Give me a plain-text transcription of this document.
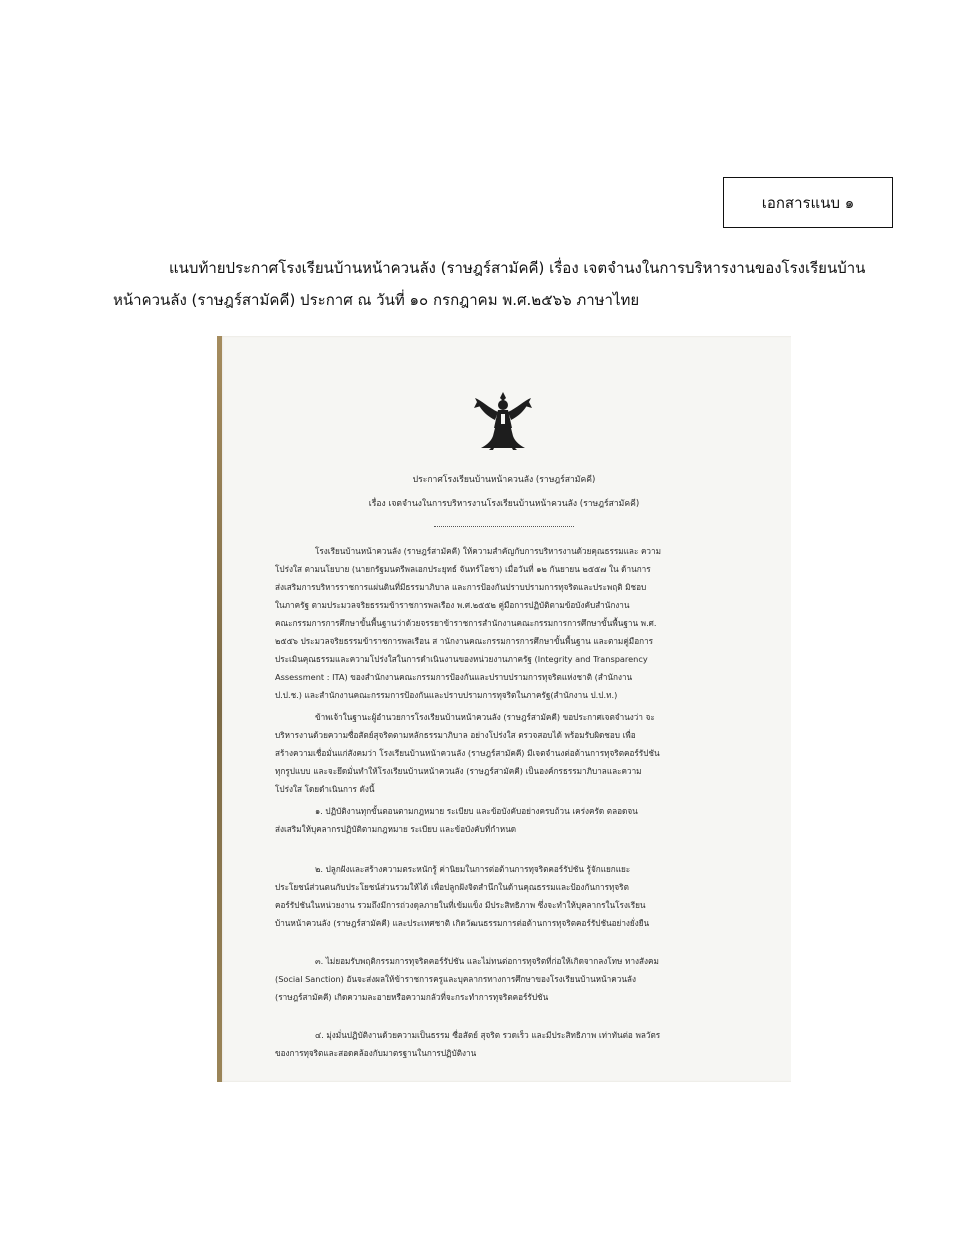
เอกสารแนบ ๑

แนบท้ายประกาศโรงเรียนบ้านหน้าควนลัง (ราษฎร์สามัคคี) เรื่อง เจตจำนงในการบริหารงานของโรงเรียนบ้าน

หน้าควนลัง (ราษฎร์สามัคคี) ประกาศ ณ วันที่ ๑๐ กรกฎาคม พ.ศ.๒๕๖๖ ภาษาไทย

ประกาศโรงเรียนบ้านหน้าควนลัง (ราษฎร์สามัคคี)
เรื่อง เจตจำนงในการบริหารงานโรงเรียนบ้านหน้าควนลัง (ราษฎร์สามัคคี)
โรงเรียนบ้านหน้าควนลัง (ราษฎร์สามัคคี) ให้ความสำคัญกับการบริหารงานด้วยคุณธรรมและ ความ
โปร่งใส ตามนโยบาย (นายกรัฐมนตรีพลเอกประยุทธ์ จันทร์โอชา) เมื่อวันที่ ๑๒ กันยายน ๒๕๕๗ ใน ด้านการ
ส่งเสริมการบริหารราชการแผ่นดินที่มีธรรมาภิบาล และการป้องกันปราบปรามการทุจริตและประพฤติ มิชอบ
ในภาครัฐ ตามประมวลจริยธรรมข้าราชการพลเรือง พ.ศ.๒๕๕๒ คู่มือการปฏิบัติตามข้อบังคับสำนักงาน
คณะกรรมการการศึกษาขั้นพื้นฐานว่าด้วยจรรยาข้าราชการสำนักงานคณะกรรมการการศึกษาขั้นพื้นฐาน พ.ศ.
๒๕๕๖ ประมวลจริยธรรมข้าราชการพลเรือน ส านักงานคณะกรรมการการศึกษาขั้นพื้นฐาน และตามคู่มือการ
ประเมินคุณธรรมและความโปร่งใสในการดำเนินงานของหน่วยงานภาครัฐ (Integrity and Transparency
Assessment : ITA) ของสำนักงานคณะกรรมการป้องกันและปราบปรามการทุจริตแห่งชาติ (สำนักงาน
ป.ป.ช.) และสำนักงานคณะกรรมการป้องกันและปราบปรามการทุจริตในภาครัฐ(สำนักงาน ป.ป.ท.)
ข้าพเจ้าในฐานะผู้อำนวยการโรงเรียนบ้านหน้าควนลัง (ราษฎร์สามัคคี) ขอประกาศเจตจำนงว่า จะ
บริหารงานด้วยความซื่อสัตย์สุจริตตามหลักธรรมาภิบาล อย่างโปร่งใส ตรวจสอบได้ พร้อมรับผิดชอบ เพื่อ
สร้างความเชื่อมั่นแก่สังคมว่า โรงเรียนบ้านหน้าควนลัง (ราษฎร์สามัคคี) มีเจตจำนงต่อต้านการทุจริตคอร์รัปชัน
ทุกรูปแบบ และจะยึดมั่นทำให้โรงเรียนบ้านหน้าควนลัง (ราษฎร์สามัคคี) เป็นองค์กรธรรมาภิบาลและความ
โปร่งใส โดยดำเนินการ ดังนี้
๑. ปฏิบัติงานทุกขั้นตอนตามกฎหมาย ระเบียบ และข้อบังคับอย่างครบถ้วน เคร่งครัด ตลอดจน
ส่งเสริมให้บุคลากรปฏิบัติตามกฎหมาย ระเบียบ และข้อบังคับที่กำหนด
๒. ปลูกฝังและสร้างความตระหนักรู้ ค่านิยมในการต่อต้านการทุจริตคอร์รัปชัน รู้จักแยกแยะ
ประโยชน์ส่วนตนกับประโยชน์ส่วนรวมให้ได้ เพื่อปลูกฝังจิตสำนึกในด้านคุณธรรมและป้องกันการทุจริต
คอร์รัปชันในหน่วยงาน รวมถึงมีการถ่วงดุลภายในที่เข้มแข็ง มีประสิทธิภาพ ซึ่งจะทำให้บุคลากรในโรงเรียน
บ้านหน้าควนลัง (ราษฎร์สามัคคี) และประเทศชาติ เกิดวัฒนธรรมการต่อต้านการทุจริตคอร์รัปชันอย่างยั่งยืน
๓. ไม่ยอมรับพฤติกรรมการทุจริตคอร์รัปชัน และไม่ทนต่อการทุจริตที่ก่อให้เกิดจากลงโทษ ทางสังคม
(Social Sanction) อันจะส่งผลให้ข้าราชการครูและบุคลากรทางการศึกษาของโรงเรียนบ้านหน้าควนลัง
(ราษฎร์สามัคคี) เกิดความละอายหรือความกลัวที่จะกระทำการทุจริตคอร์รัปชัน
๔. มุ่งมั่นปฏิบัติงานด้วยความเป็นธรรม ซื่อสัตย์ สุจริต รวดเร็ว และมีประสิทธิภาพ เท่าทันต่อ พลวัตร
ของการทุจริตและสอดคล้องกับมาตรฐานในการปฏิบัติงาน
